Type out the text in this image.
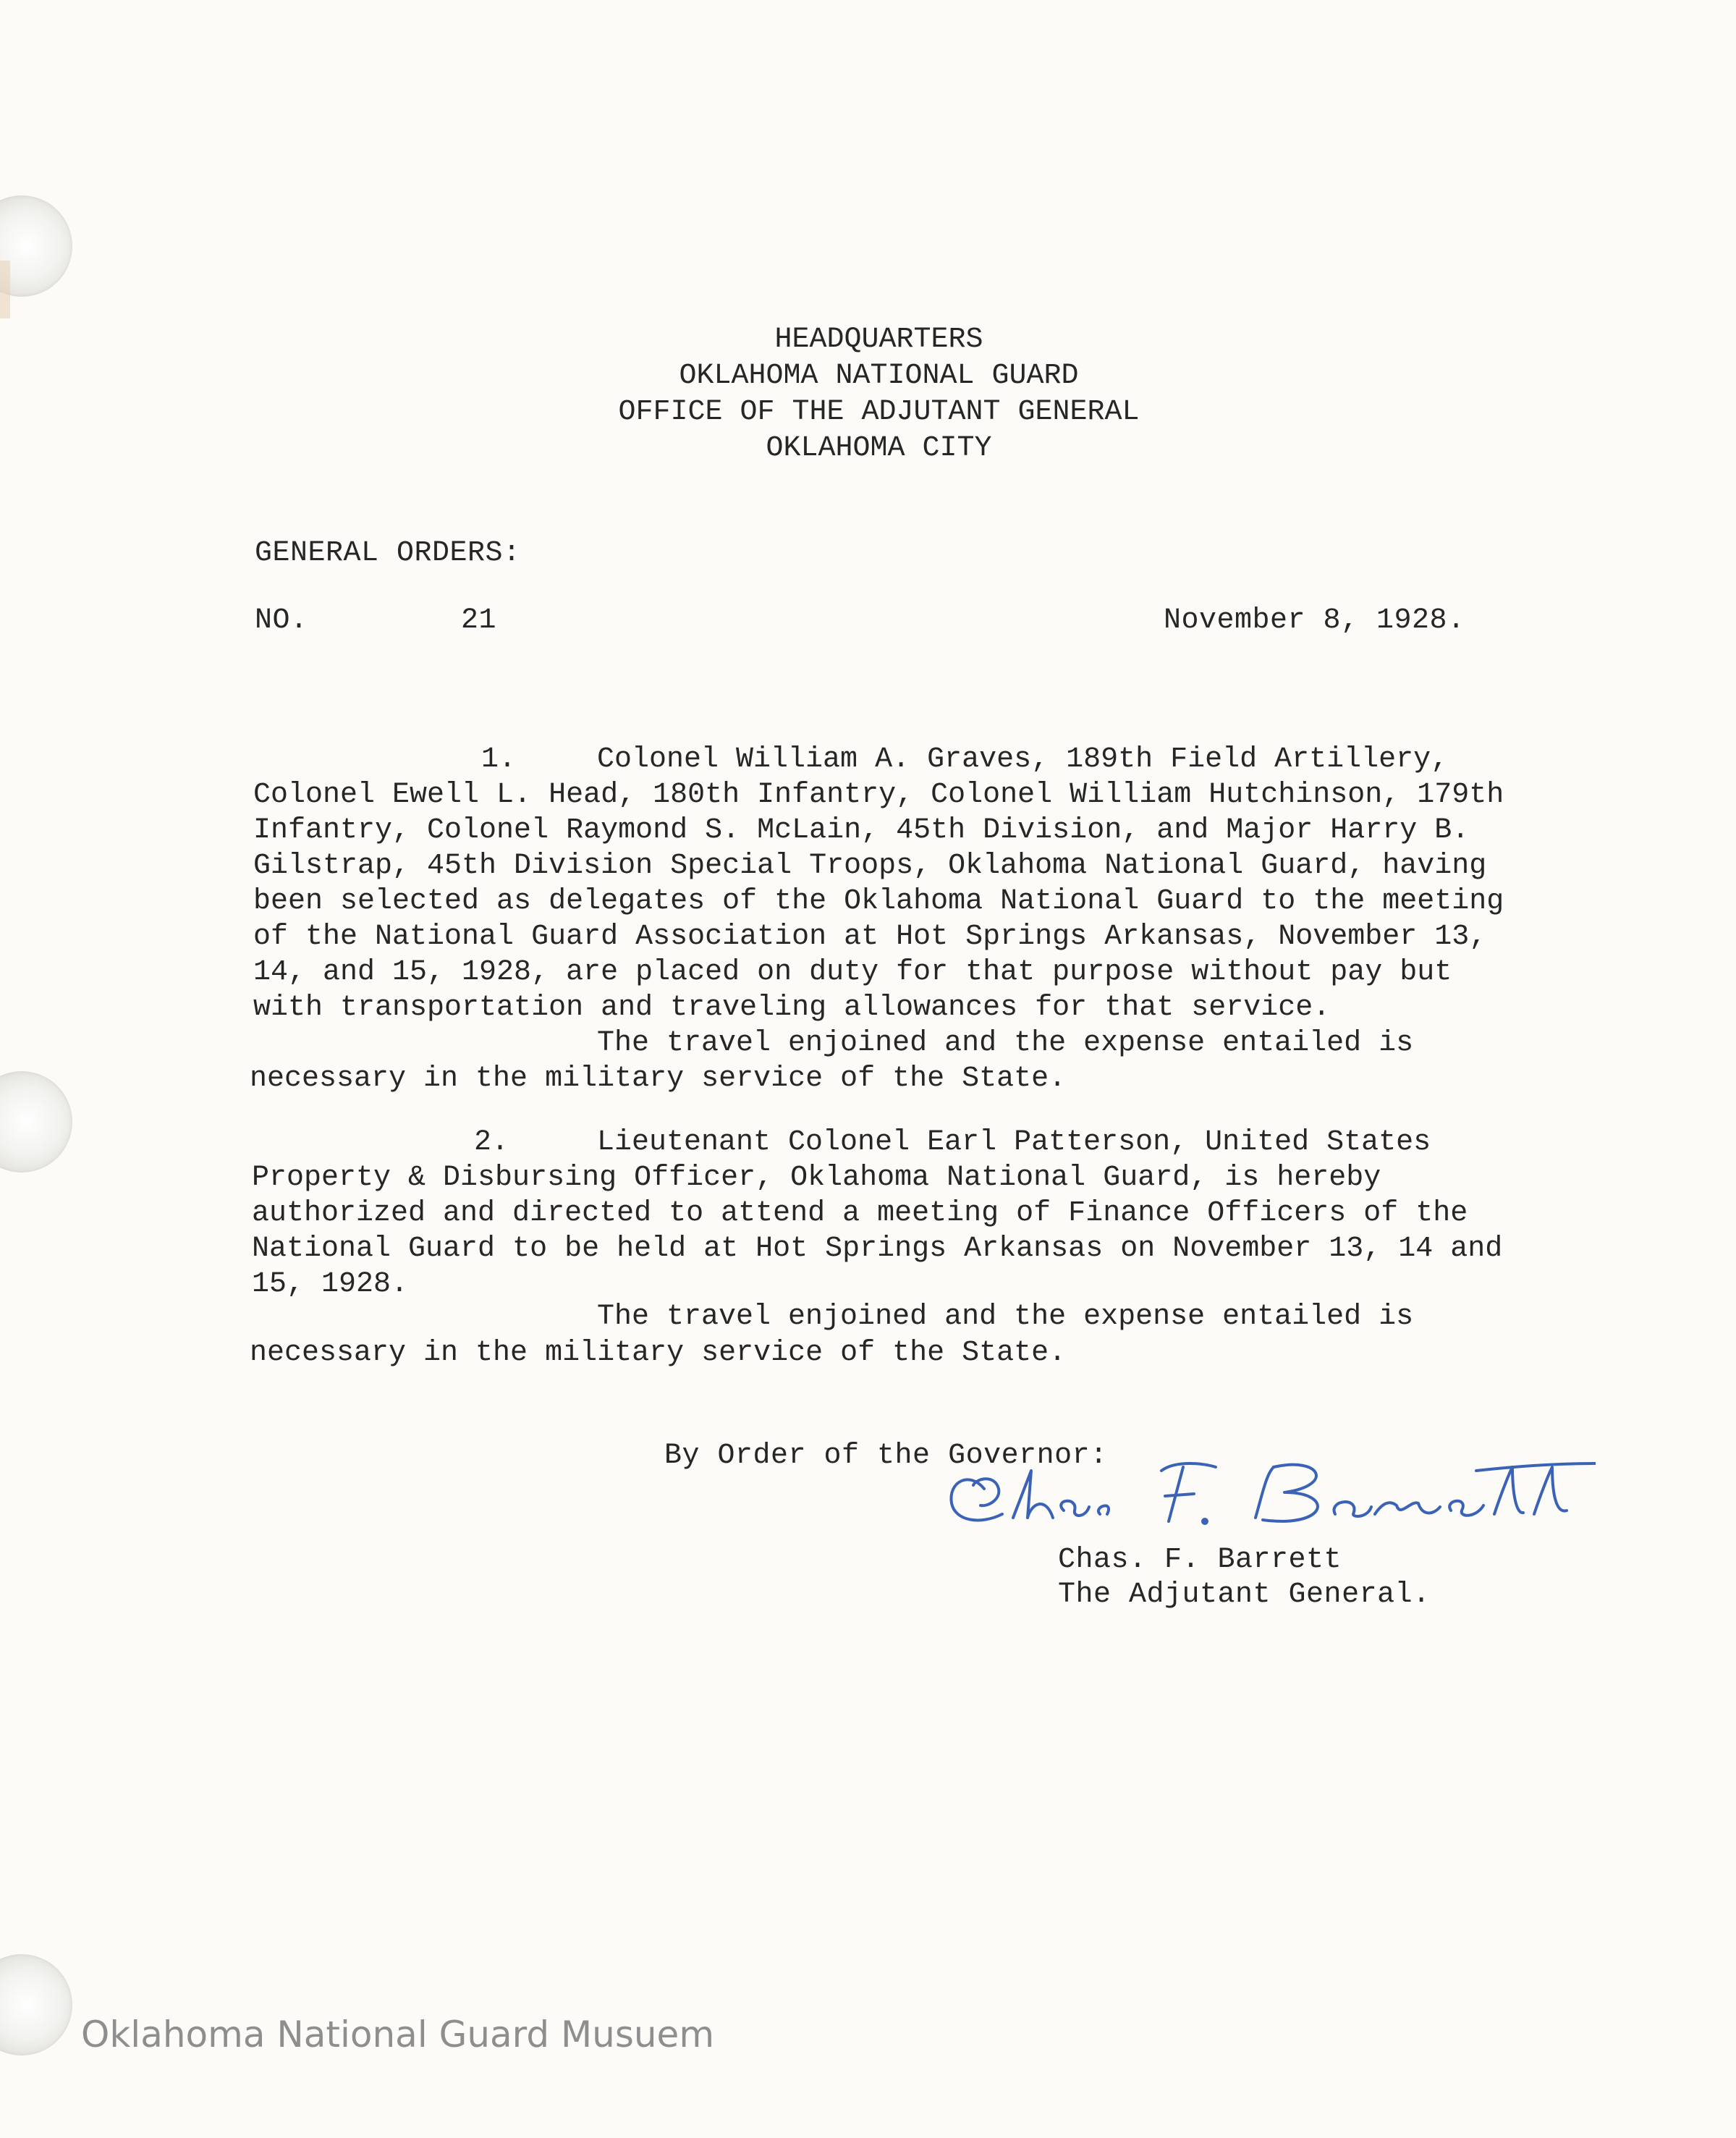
HEADQUARTERS
OKLAHOMA NATIONAL GUARD
OFFICE OF THE ADJUTANT GENERAL
OKLAHOMA CITY
GENERAL ORDERS:
NO.	21	November 8, 1928.
1.	Colonel William A. Graves, 189th Field Artillery,
Colonel Ewell L. Head, 180th Infantry, Colonel William Hutchinson, 179th
Infantry, Colonel Raymond S. McLain, 45th Division, and Major Harry B.
Gilstrap, 45th Division Special Troops, Oklahoma National Guard, having
been selected as delegates of the Oklahoma National Guard to the meeting
of the National Guard Association at Hot Springs Arkansas, November 13,
14, and 15, 1928, are placed on duty for that purpose without pay but
with transportation and traveling allowances for that service.
The travel enjoined and the expense entailed is
necessary in the military service of the State.
2.	Lieutenant Colonel Earl Patterson, United States
Property & Disbursing Officer, Oklahoma National Guard, is hereby
authorized and directed to attend a meeting of Finance Officers of the
National Guard to be held at Hot Springs Arkansas on November 13, 14 and
15, 1928.
The travel enjoined and the expense entailed is
necessary in the military service of the State.
By Order of the Governor:
Chas. F. Barrett
The Adjutant General.
Oklahoma National Guard Musuem
